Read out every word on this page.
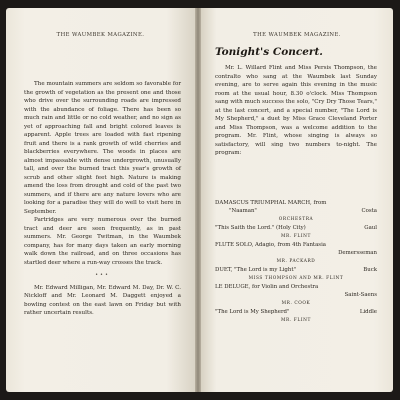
THE WAUMBEK MAGAZINE.

The mountain summers are seldom so favorable for the growth of vegetation as the present one and those who drive over the surrounding roads are impressed with the abundance of foliage. There has been so much rain and little or no cold weather, and no sign as yet of approaching fall and bright colored leaves is apparent. Apple trees are loaded with fast ripening fruit and there is a rank growth of wild cherries and blackberries everywhere. The woods in places are almost impassable with dense undergrowth, unusually tall, and over the burned tract this year's growth of scrub and other slight feet high. Nature is making amend the loss from drought and cold of the past two summers, and if there are any nature lovers who are looking for a paradise they will do well to visit here in September.

Partridges are very numerous over the burned tract and deer are seen frequently, as in past summers. Mr. George Twitman, in the Waumbek company, has for many days taken an early morning walk down the railroad, and on three occasions has startled deer where a run-way crosses the track.

•••

Mr. Edward Milligan, Mr. Edward M. Day, Dr. W. C. Nickloff and Mr. Leonard M. Daggett enjoyed a bowling contest on the east lawn on Friday but with rather uncertain results.

THE WAUMBEK MAGAZINE.
Tonight's Concert.

Mr. L. Willard Flint and Miss Persis Thompson, the contralto who sang at the Waumbek last Sunday evening, are to serve again this evening in the music room at the usual hour, 8.30 o'clock. Miss Thompson sang with much success the solo, "Cry Dry Those Tears," at the last concert, and a special number, "The Lord is My Shepherd," a duet by Miss Grace Cleveland Porter and Miss Thompson, was a welcome addition to the program. Mr. Flint, whose singing is always so satisfactory, will sing two numbers to-night. The program:

DAMASCUS TRIUMPHAL MARCH, from
"Naaman"	Costa
ORCHESTRA
"This Saith the Lord." (Holy City)	Gaul
MR. FLINT
FLUTE SOLO, Adagio, from 4th Fantasia
Demersseman
MR. PACKARD
DUET, "The Lord is my Light"	Buck
MISS THOMPSON AND MR. FLINT
LE DELUGE, for Violin and Orchestra
Saint-Saens
MR. COOK
"The Lord is My Shepherd"	Liddle
MR. FLINT
